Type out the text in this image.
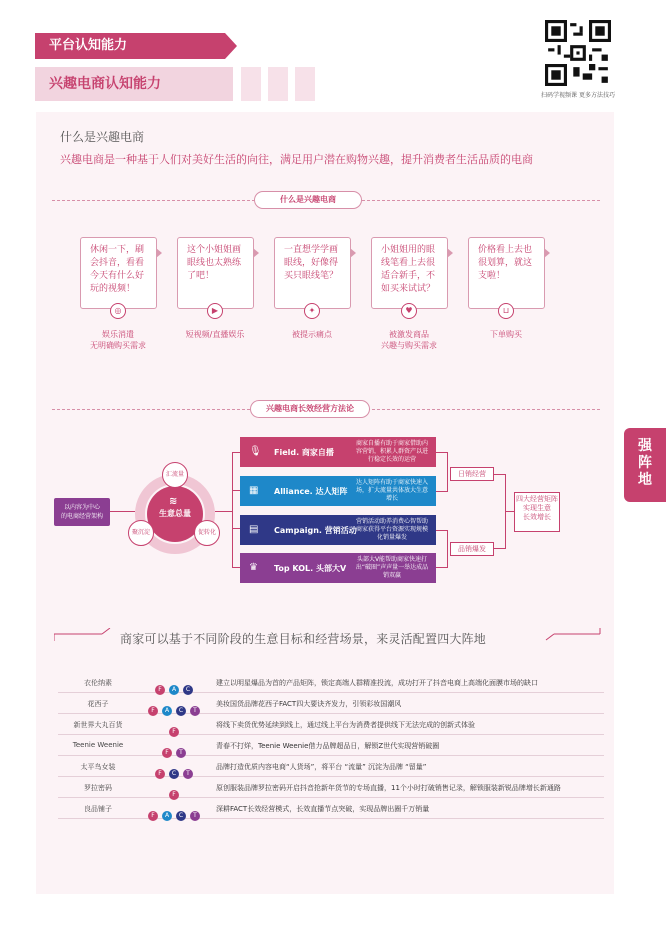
平台认知能力
兴趣电商认知能力
扫码学视频课 更多方法技巧
强
阵
地
什么是兴趣电商
兴趣电商是一种基于人们对美好生活的向往，满足用户潜在购物兴趣，提升消费者生活品质的电商
什么是兴趣电商
休闲一下，刷会抖音，看看今天有什么好玩的视频！
这个小姐姐画眼线也太熟练了吧！
一直想学学画眼线，好像得买只眼线笔？
小姐姐用的眼线笔看上去很适合新手，不如买来试试？
价格看上去也很划算，就这支啦！
◎	▶	✦	♥	⊔
娱乐消遣
无明确购买需求
短视频/直播娱乐	被提示痛点	被激发商品
兴趣与购买需求
下单购买
兴趣电商长效经营方法论
以内容为中心
的电商经营架构
≋
生意总量
汇流量
聚沉淀	促转化
🎙 Field. 商家自播
商家自播有助于商家借助内容营销，积累人群资产以进行稳定长效的运营
▦ Alliance. 达人矩阵
达人矩阵有助于商家快速入场，扩大流量共体放大生意增长
▤ Campaign. 营销活动
营销活动助养消费心智帮助商家获得平台资源实现规模化销量爆发
♛ Top KOL. 头部大V
头部大V能帮助商家快速打出“破圈”声声量一举达成品销双赢
日销经营
品销爆发
四大经营矩阵
实现生意
长效增长
商家可以基于不同阶段的生意目标和经营场景，来灵活配置四大阵地
衣伦纳素
F A C
建立以明星爆品为首的产品矩阵，锁定高端人群精准投流，成功打开了抖音电商上高端化面膜市场的缺口
花西子
F A C T
美妆国货品牌花西子FACT四大要诀齐发力，引领彩妆国潮风
新世界大丸百货
F
将线下卖货优势延续到线上，通过线上平台为消费者提供线下无法完成的创新式体验
Teenie Weenie
F T
青春不打烊，Teenie Weenie借力品牌超品日，解锁Z世代实现营销破圈
太平鸟女装
F C T
品牌打造优质内容电商“人货场”，将平台 “流量” 沉淀为品牌 “留量”
罗拉密码
F
原创服装品牌罗拉密码开启抖音抢新年货节的专场直播，11个小时打破销售记录，解锁服装新锐品牌增长新通路
良品铺子
F A C T
深耕FACT长效经营模式，长效直播节点突破，实现品牌出圈千万销量
